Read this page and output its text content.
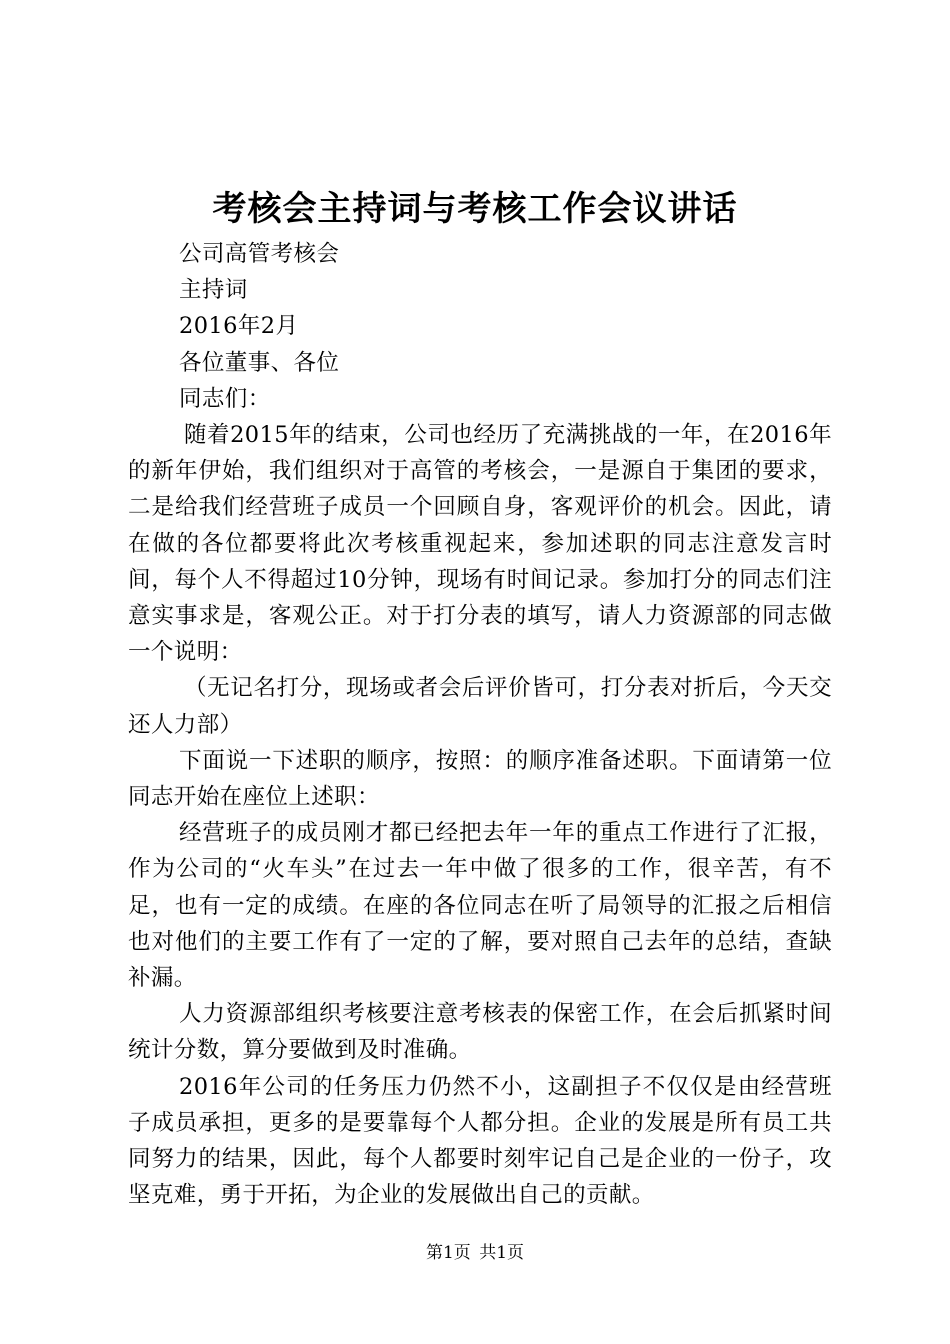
考核会主持词与考核工作会议讲话

公司高管考核会

主持词

2016年2月

各位董事、各位

同志们：

随着2015年的结束，公司也经历了充满挑战的一年，在2016年的新年伊始，我们组织对于高管的考核会，一是源自于集团的要求，二是给我们经营班子成员一个回顾自身，客观评价的机会。因此，请在做的各位都要将此次考核重视起来，参加述职的同志注意发言时间，每个人不得超过10分钟，现场有时间记录。参加打分的同志们注意实事求是，客观公正。对于打分表的填写，请人力资源部的同志做一个说明：

（无记名打分，现场或者会后评价皆可，打分表对折后，今天交还人力部）

下面说一下述职的顺序，按照：的顺序准备述职。下面请第一位同志开始在座位上述职：

经营班子的成员刚才都已经把去年一年的重点工作进行了汇报，作为公司的“火车头”在过去一年中做了很多的工作，很辛苦，有不足，也有一定的成绩。在座的各位同志在听了局领导的汇报之后相信也对他们的主要工作有了一定的了解，要对照自己去年的总结，查缺补漏。

人力资源部组织考核要注意考核表的保密工作，在会后抓紧时间统计分数，算分要做到及时准确。

2016年公司的任务压力仍然不小，这副担子不仅仅是由经营班子成员承担，更多的是要靠每个人都分担。企业的发展是所有员工共同努力的结果，因此，每个人都要时刻牢记自己是企业的一份子，攻坚克难，勇于开拓，为企业的发展做出自己的贡献。

第1页 共1页
